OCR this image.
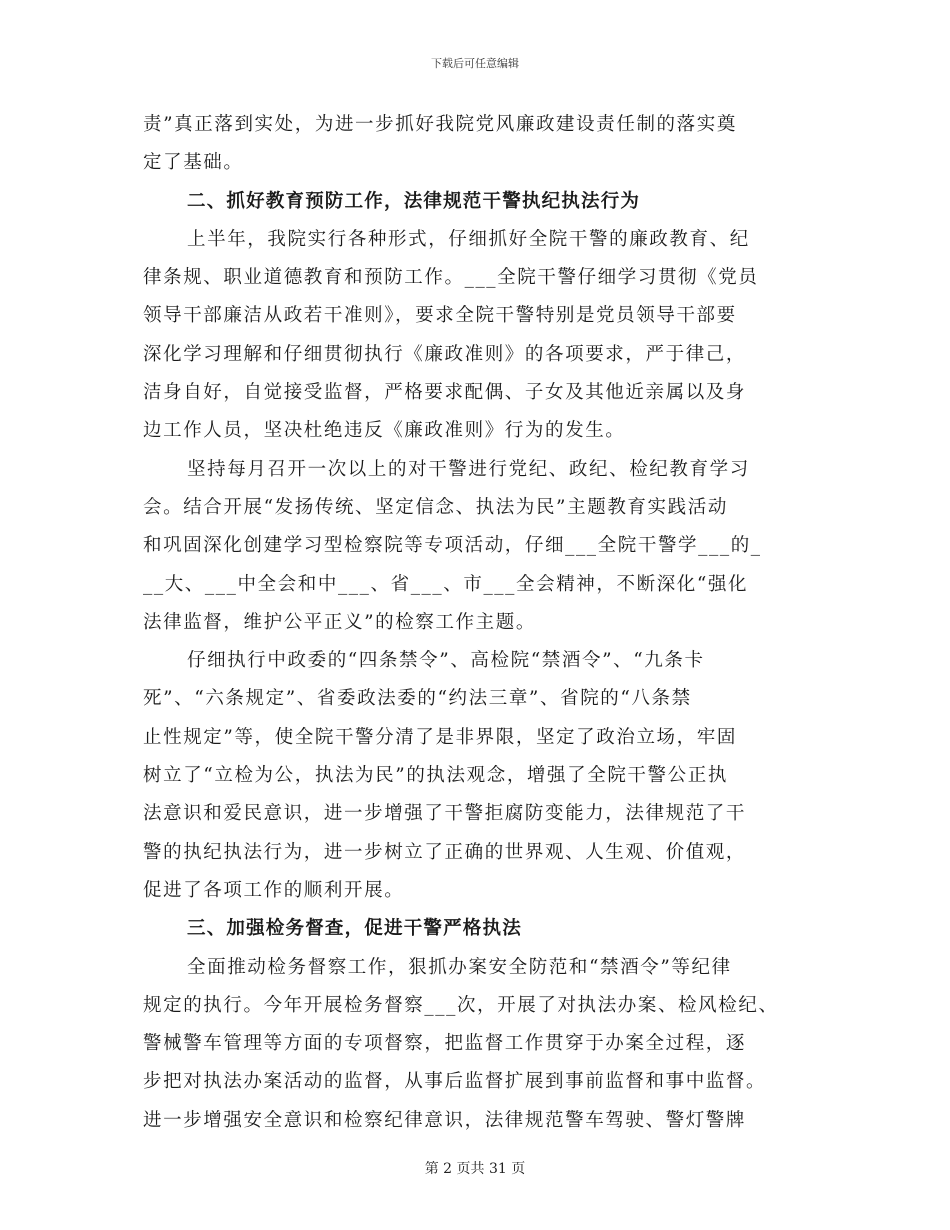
下载后可任意编辑
责”真正落到实处，为进一步抓好我院党风廉政建设责任制的落实奠
定了基础。
二、抓好教育预防工作，法律规范干警执纪执法行为
上半年，我院实行各种形式，仔细抓好全院干警的廉政教育、纪
律条规、职业道德教育和预防工作。___全院干警仔细学习贯彻《党员
领导干部廉洁从政若干准则》，要求全院干警特别是党员领导干部要
深化学习理解和仔细贯彻执行《廉政准则》的各项要求，严于律己，
洁身自好，自觉接受监督，严格要求配偶、子女及其他近亲属以及身
边工作人员，坚决杜绝违反《廉政准则》行为的发生。
坚持每月召开一次以上的对干警进行党纪、政纪、检纪教育学习
会。结合开展“发扬传统、坚定信念、执法为民”主题教育实践活动
和巩固深化创建学习型检察院等专项活动，仔细___全院干警学___的_
__大、___中全会和中___、省___、市___全会精神，不断深化“强化
法律监督，维护公平正义”的检察工作主题。
仔细执行中政委的“四条禁令”、高检院“禁酒令”、“九条卡
死”、“六条规定”、省委政法委的“约法三章”、省院的“八条禁
止性规定”等，使全院干警分清了是非界限，坚定了政治立场，牢固
树立了“立检为公，执法为民”的执法观念，增强了全院干警公正执
法意识和爱民意识，进一步增强了干警拒腐防变能力，法律规范了干
警的执纪执法行为，进一步树立了正确的世界观、人生观、价值观，
促进了各项工作的顺利开展。
三、加强检务督查，促进干警严格执法
全面推动检务督察工作，狠抓办案安全防范和“禁酒令”等纪律
规定的执行。今年开展检务督察___次，开展了对执法办案、检风检纪、
警械警车管理等方面的专项督察，把监督工作贯穿于办案全过程，逐
步把对执法办案活动的监督，从事后监督扩展到事前监督和事中监督。
进一步增强安全意识和检察纪律意识，法律规范警车驾驶、警灯警牌
第 2 页共 31 页
